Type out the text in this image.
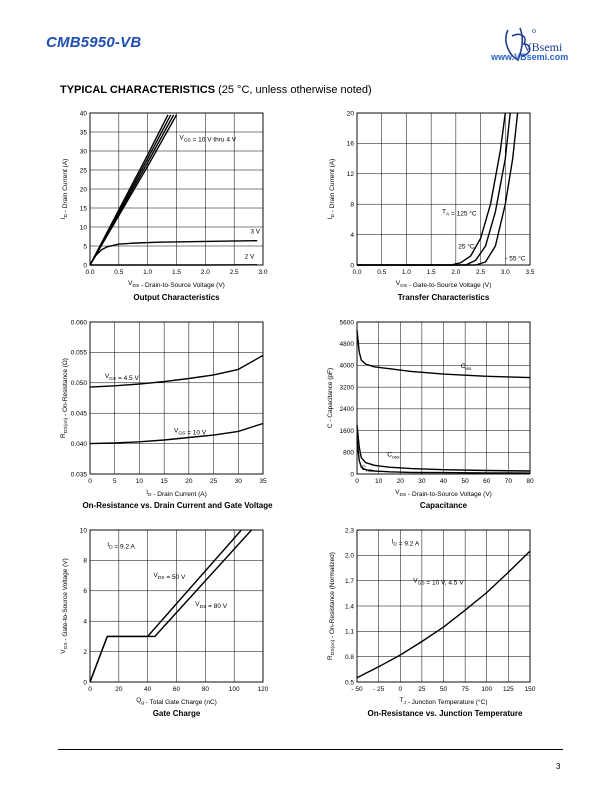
CMB5950-VB	VBsemi
www.VBsemi.com
TYPICAL CHARACTERISTICS (25 °C, unless otherwise noted)
0.0	0.5	1.0	1.5	2.0	2.5	3.0
0
5
10
15
20
25
30
35
40
$V_{DS}$ - Drain-to-Source Voltage (V)
$I_D$ - Drain Current (A)
$V_{GS} = 10$ V thru 4 V
3 V
2 V
0.0 0.5 1.0 1.5 2.0 2.5 3.0 3.5
0
4
8
12
16
20
$V_{GS}$ - Gate-to-Source Voltage (V)
$I_D$ - Drain Current (A)	$T_A = 125$ °C
25 °C
- 55 °C
0	5	10	15	20	25	30	35
0.035
0.040
0.045
0.050
0.055
0.060
$I_D$ - Drain Current (A)
$R_{DS(on)}$ - On-Resistance (Ω)	$V_{GS} = 4.5$ V
$V_{GS} = 10$ V
0 10 20 30 40 50 60 70 80
0
800
1600
2400
3200
4000
4800
5600
$V_{DS}$ - Drain-to-Source Voltage (V)
C - Capacitance (pF)
$C_{iss}$
$C_{oss}$
$C_{rss}$
0	20	40	60	80	100	120
0
2
4
6
8
10
$Q_g$ - Total Gate Charge (nC)
$V_{GS}$ - Gate-to-Source Voltage (V)	$V_{DS} = 50$ V
$V_{DS} = 80$ V
$I_D = 9.2$ A
- 50 - 25 0 25 50 75 100 125 150
0.5
0.8
1.1
1.4
1.7
2.0
2.3
$T_J$ - Junction Temperature (°C)
$R_{DS(on)}$ - On-Resistance (Normalized)	$V_{GS} = 10$ V, 4.5 V
$I_D = 9.2$ A
Output Characteristics	Transfer Characteristics
On-Resistance vs. Drain Current and Gate Voltage	Capacitance
Gate Charge	On-Resistance vs. Junction Temperature
3
